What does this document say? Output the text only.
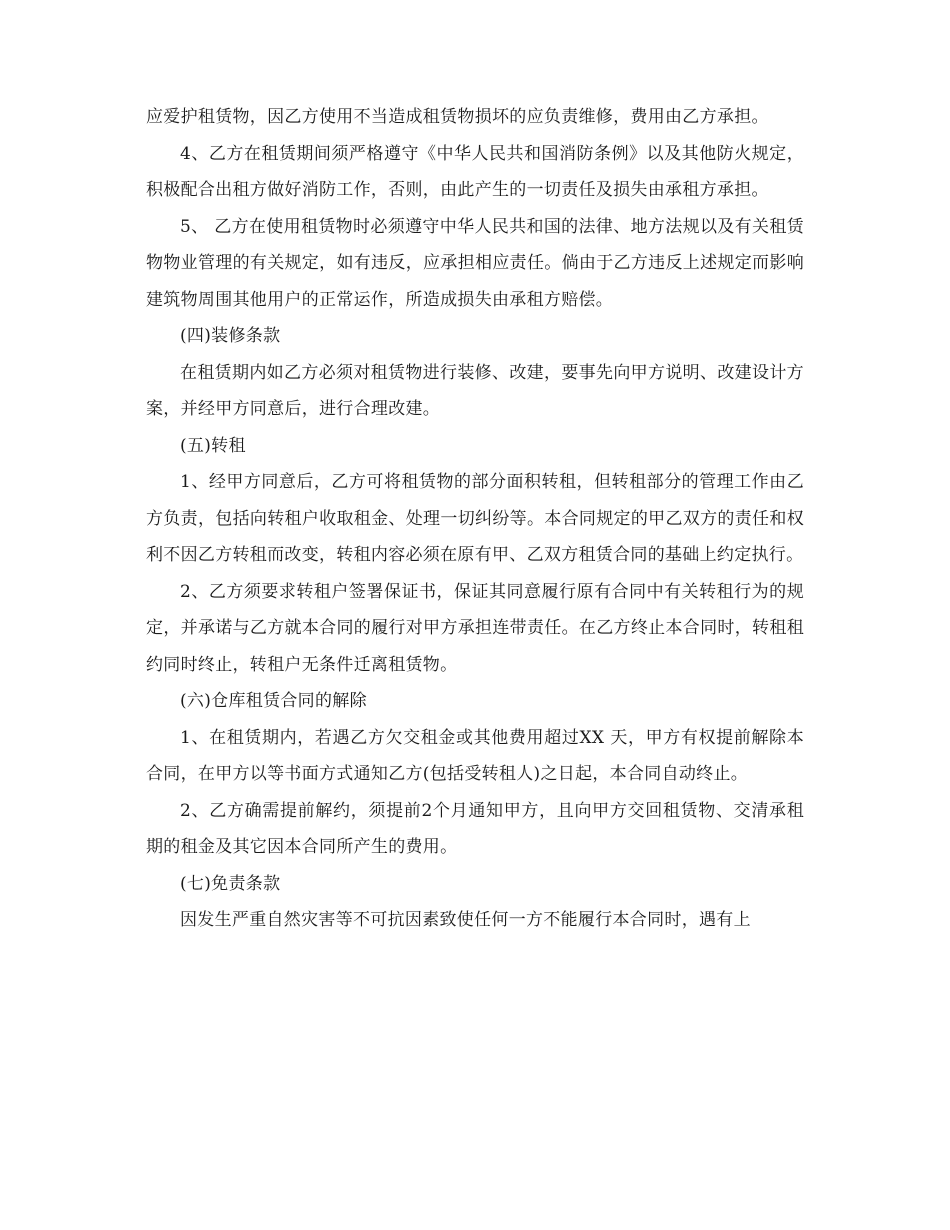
应爱护租赁物，因乙方使用不当造成租赁物损坏的应负责维修，费用由乙方承担。

4、乙方在租赁期间须严格遵守《中华人民共和国消防条例》以及其他防火规定，积极配合出租方做好消防工作，否则，由此产生的一切责任及损失由承租方承担。

5、 乙方在使用租赁物时必须遵守中华人民共和国的法律、地方法规以及有关租赁物物业管理的有关规定，如有违反，应承担相应责任。倘由于乙方违反上述规定而影响建筑物周围其他用户的正常运作，所造成损失由承租方赔偿。

(四)装修条款

在租赁期内如乙方必须对租赁物进行装修、改建，要事先向甲方说明、改建设计方案，并经甲方同意后，进行合理改建。

(五)转租

1、经甲方同意后，乙方可将租赁物的部分面积转租，但转租部分的管理工作由乙方负责，包括向转租户收取租金、处理一切纠纷等。本合同规定的甲乙双方的责任和权利不因乙方转租而改变，转租内容必须在原有甲、乙双方租赁合同的基础上约定执行。

2、乙方须要求转租户签署保证书，保证其同意履行原有合同中有关转租行为的规定，并承诺与乙方就本合同的履行对甲方承担连带责任。在乙方终止本合同时，转租租约同时终止，转租户无条件迁离租赁物。

(六)仓库租赁合同的解除

1、在租赁期内，若遇乙方欠交租金或其他费用超过XX 天，甲方有权提前解除本合同，在甲方以等书面方式通知乙方(包括受转租人)之日起，本合同自动终止。

2、乙方确需提前解约，须提前2个月通知甲方，且向甲方交回租赁物、交清承租期的租金及其它因本合同所产生的费用。

(七)免责条款

因发生严重自然灾害等不可抗因素致使任何一方不能履行本合同时，遇有上
